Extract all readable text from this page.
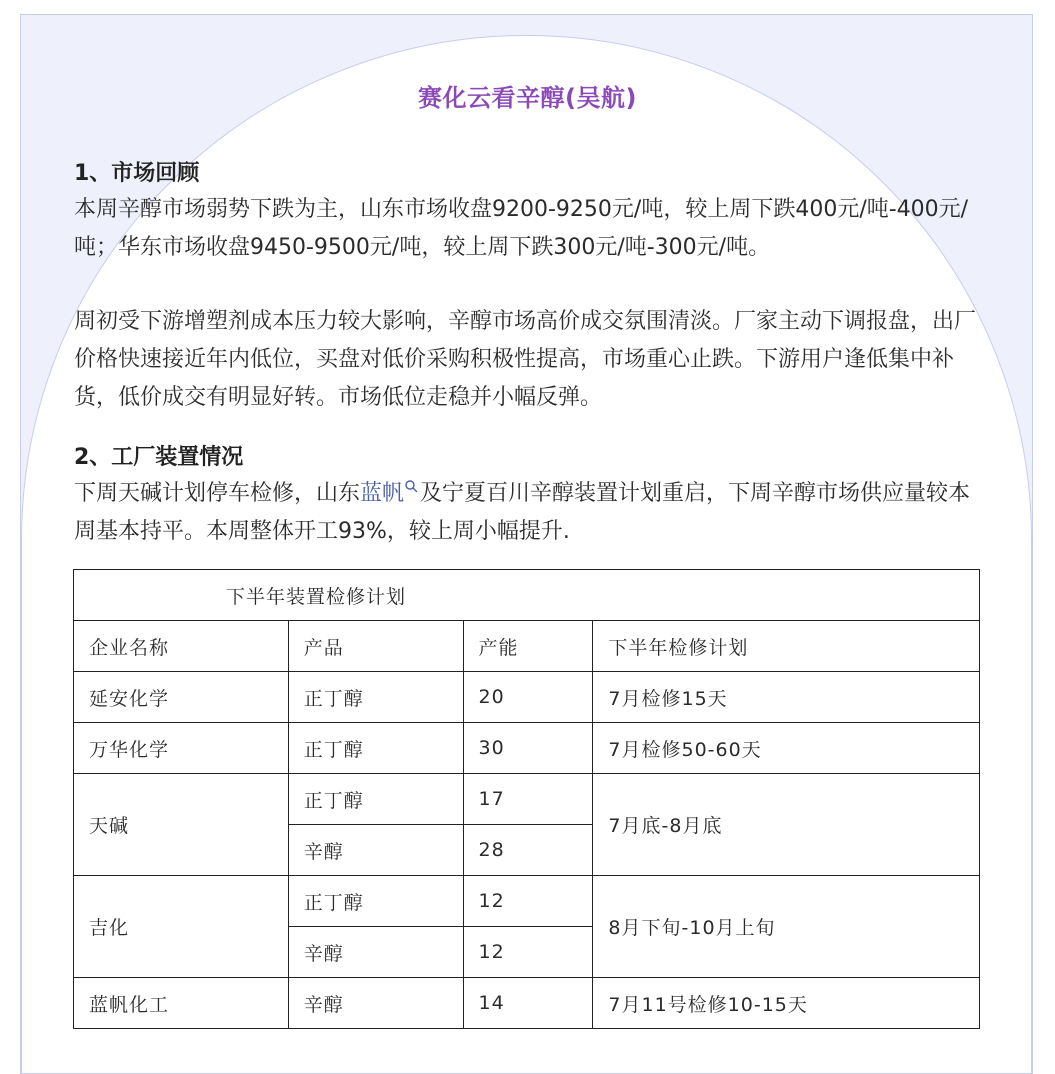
赛化云看辛醇(吴航)
1、市场回顾
本周辛醇市场弱势下跌为主，山东市场收盘9200-9250元/吨，较上周下跌400元/吨-400元/吨；华东市场收盘9450-9500元/吨，较上周下跌300元/吨-300元/吨。
周初受下游增塑剂成本压力较大影响，辛醇市场高价成交氛围清淡。厂家主动下调报盘，出厂价格快速接近年内低位，买盘对低价采购积极性提高，市场重心止跌。下游用户逢低集中补货，低价成交有明显好转。市场低位走稳并小幅反弹。
2、工厂装置情况
下周天碱计划停车检修，山东蓝帆 及宁夏百川辛醇装置计划重启，下周辛醇市场供应量较本周基本持平。本周整体开工93%，较上周小幅提升.
下半年装置检修计划			
企业名称	产品	产能	下半年检修计划
延安化学	正丁醇	20	7月检修15天
万华化学	正丁醇	30	7月检修50-60天
天碱	正丁醇	17	7月底-8月底
	辛醇	28	
吉化	正丁醇	12	8月下旬-10月上旬
	辛醇	12	
蓝帆化工	辛醇	14	7月11号检修10-15天
